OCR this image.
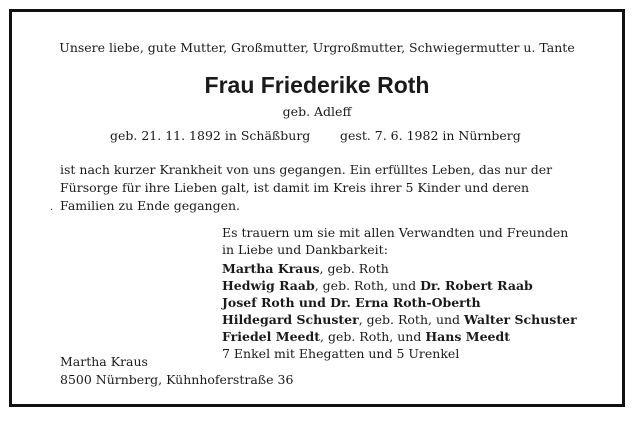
Unsere liebe, gute Mutter, Großmutter, Urgroßmutter, Schwiegermutter u. Tante
Frau Friederike Roth
geb. Adleff
geb. 21. 11. 1892 in Schäßburg gest. 7. 6. 1982 in Nürnberg
.
ist nach kurzer Krankheit von uns gegangen. Ein erfülltes Leben, das nur der
Fürsorge für ihre Lieben galt, ist damit im Kreis ihrer 5 Kinder und deren
Familien zu Ende gegangen.
Es trauern um sie mit allen Verwandten und Freunden
in Liebe und Dankbarkeit:
Martha Kraus, geb. Roth
Hedwig Raab, geb. Roth, und Dr. Robert Raab
Josef Roth und Dr. Erna Roth-Oberth
Hildegard Schuster, geb. Roth, und Walter Schuster
Friedel Meedt, geb. Roth, und Hans Meedt
7 Enkel mit Ehegatten und 5 Urenkel
Martha Kraus
8500 Nürnberg, Kühnhoferstraße 36
